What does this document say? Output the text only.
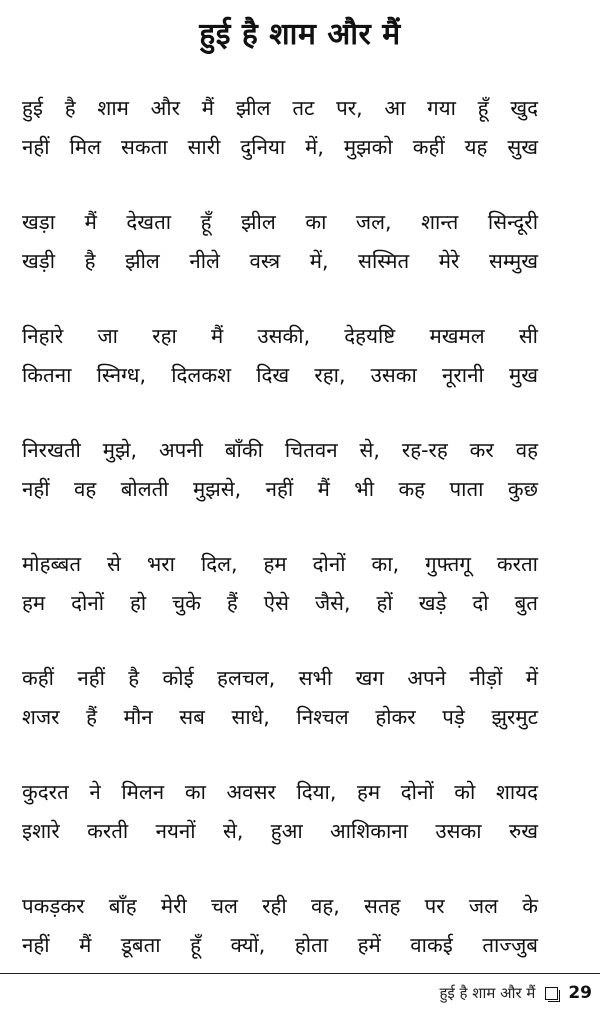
हुई है शाम और मैं
हुई है शाम और मैं झील तट पर, आ गया हूँ खुद
नहीं मिल सकता सारी दुनिया में, मुझको कहीं यह सुख
खड़ा मैं देखता हूँ झील का जल, शान्त सिन्दूरी
खड़ी है झील नीले वस्त्र में, सस्मित मेरे सम्मुख
निहारे जा रहा मैं उसकी, देहयष्टि मखमल सी
कितना स्निग्ध, दिलकश दिख रहा, उसका नूरानी मुख
निरखती मुझे, अपनी बाँकी चितवन से, रह-रह कर वह
नहीं वह बोलती मुझसे, नहीं मैं भी कह पाता कुछ
मोहब्बत से भरा दिल, हम दोनों का, गुफ्तगू करता
हम दोनों हो चुके हैं ऐसे जैसे, हों खड़े दो बुत
कहीं नहीं है कोई हलचल, सभी खग अपने नीड़ों में
शजर हैं मौन सब साधे, निश्चल होकर पड़े झुरमुट
कुदरत ने मिलन का अवसर दिया, हम दोनों को शायद
इशारे करती नयनों से, हुआ आशिकाना उसका रुख
पकड़कर बाँह मेरी चल रही वह, सतह पर जल के
नहीं मैं डूबता हूँ क्यों, होता हमें वाकई ताज्जुब
हुई है शाम और मैं 29
